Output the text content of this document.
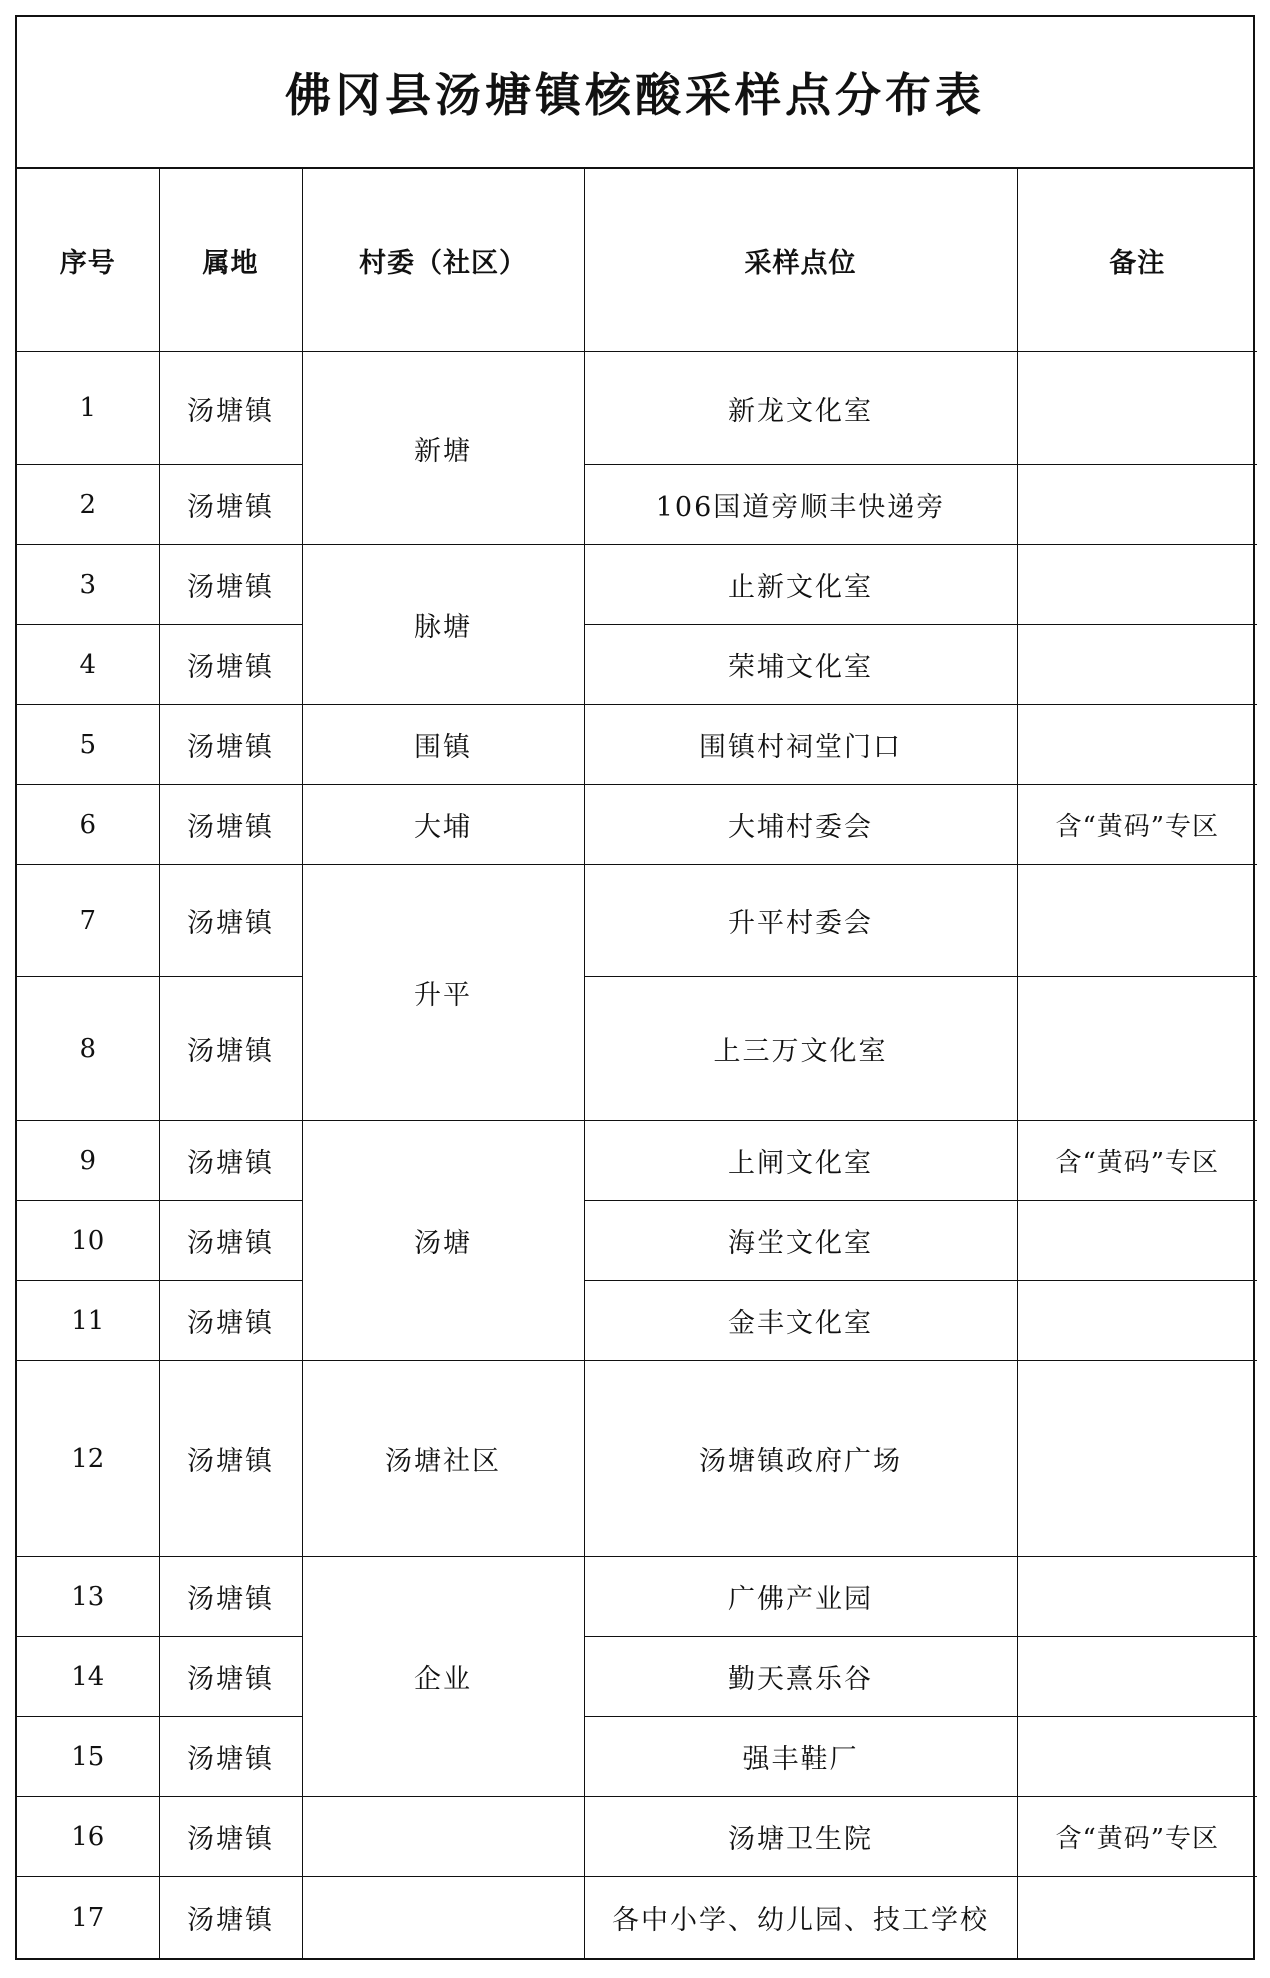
佛冈县汤塘镇核酸采样点分布表
序号	属地	村委（社区）	采样点位	备注
1	汤塘镇	新塘	新龙文化室	
2	汤塘镇		106国道旁顺丰快递旁	
3	汤塘镇	脉塘	止新文化室	
4	汤塘镇		荣埔文化室	
5	汤塘镇	围镇	围镇村祠堂门口	
6	汤塘镇	大埔	大埔村委会	含“黄码”专区
7	汤塘镇	升平	升平村委会	
8	汤塘镇		上三万文化室	
9	汤塘镇	汤塘	上闸文化室	含“黄码”专区
10	汤塘镇		海坣文化室	
11	汤塘镇		金丰文化室	
12	汤塘镇	汤塘社区	汤塘镇政府广场	
13	汤塘镇	企业	广佛产业园	
14	汤塘镇		勤天熹乐谷	
15	汤塘镇		强丰鞋厂	
16	汤塘镇		汤塘卫生院	含“黄码”专区
17	汤塘镇		各中小学、幼儿园、技工学校	
